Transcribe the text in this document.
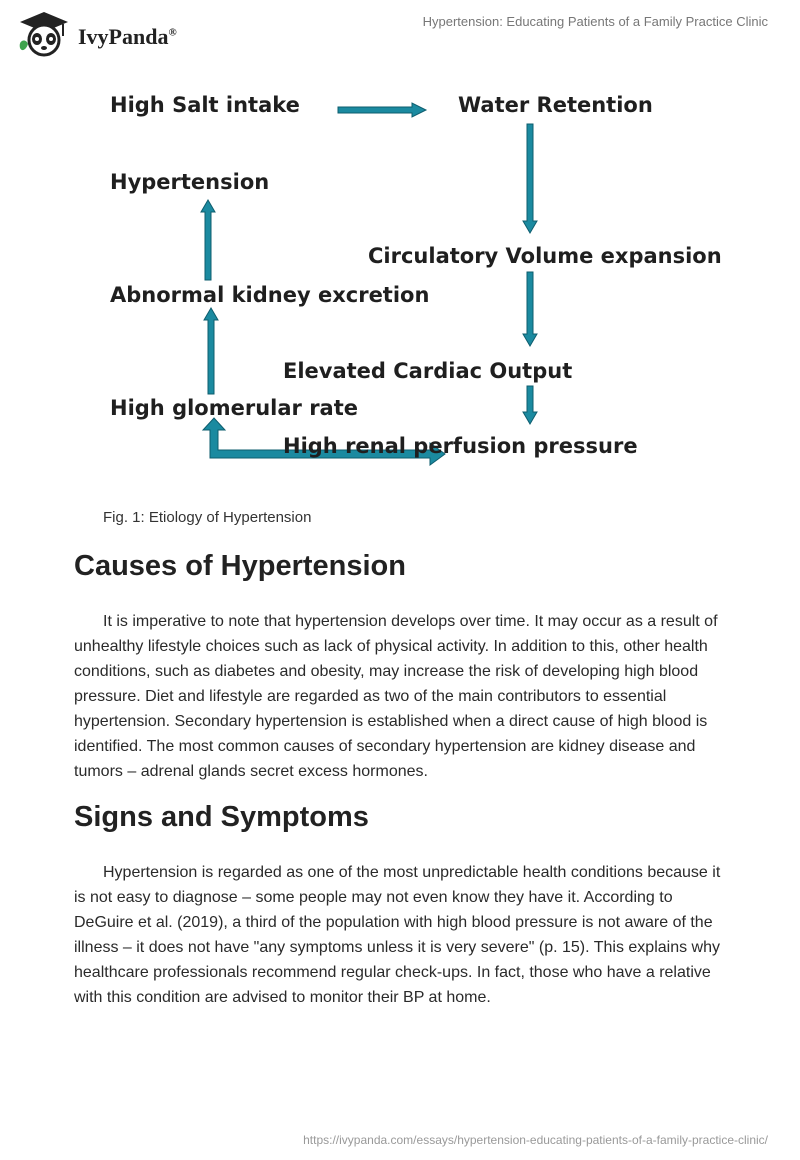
IvyPanda®
Hypertension: Educating Patients of a Family Practice Clinic
High Salt intake	Water Retention
Hypertension
Circulatory Volume expansion
Abnormal kidney excretion
Elevated Cardiac Output
High glomerular rate
High renal perfusion pressure
Fig. 1: Etiology of Hypertension
Causes of Hypertension

It is imperative to note that hypertension develops over time. It may occur as a result of unhealthy lifestyle choices such as lack of physical activity. In addition to this, other health conditions, such as diabetes and obesity, may increase the risk of developing high blood pressure. Diet and lifestyle are regarded as two of the main contributors to essential hypertension. Secondary hypertension is established when a direct cause of high blood is identified. The most common causes of secondary hypertension are kidney disease and tumors – adrenal glands secret excess hormones.

Signs and Symptoms

Hypertension is regarded as one of the most unpredictable health conditions because it is not easy to diagnose – some people may not even know they have it. According to DeGuire et al. (2019), a third of the population with high blood pressure is not aware of the illness – it does not have "any symptoms unless it is very severe" (p. 15). This explains why healthcare professionals recommend regular check-ups. In fact, those who have a relative with this condition are advised to monitor their BP at home.

https://ivypanda.com/essays/hypertension-educating-patients-of-a-family-practice-clinic/
